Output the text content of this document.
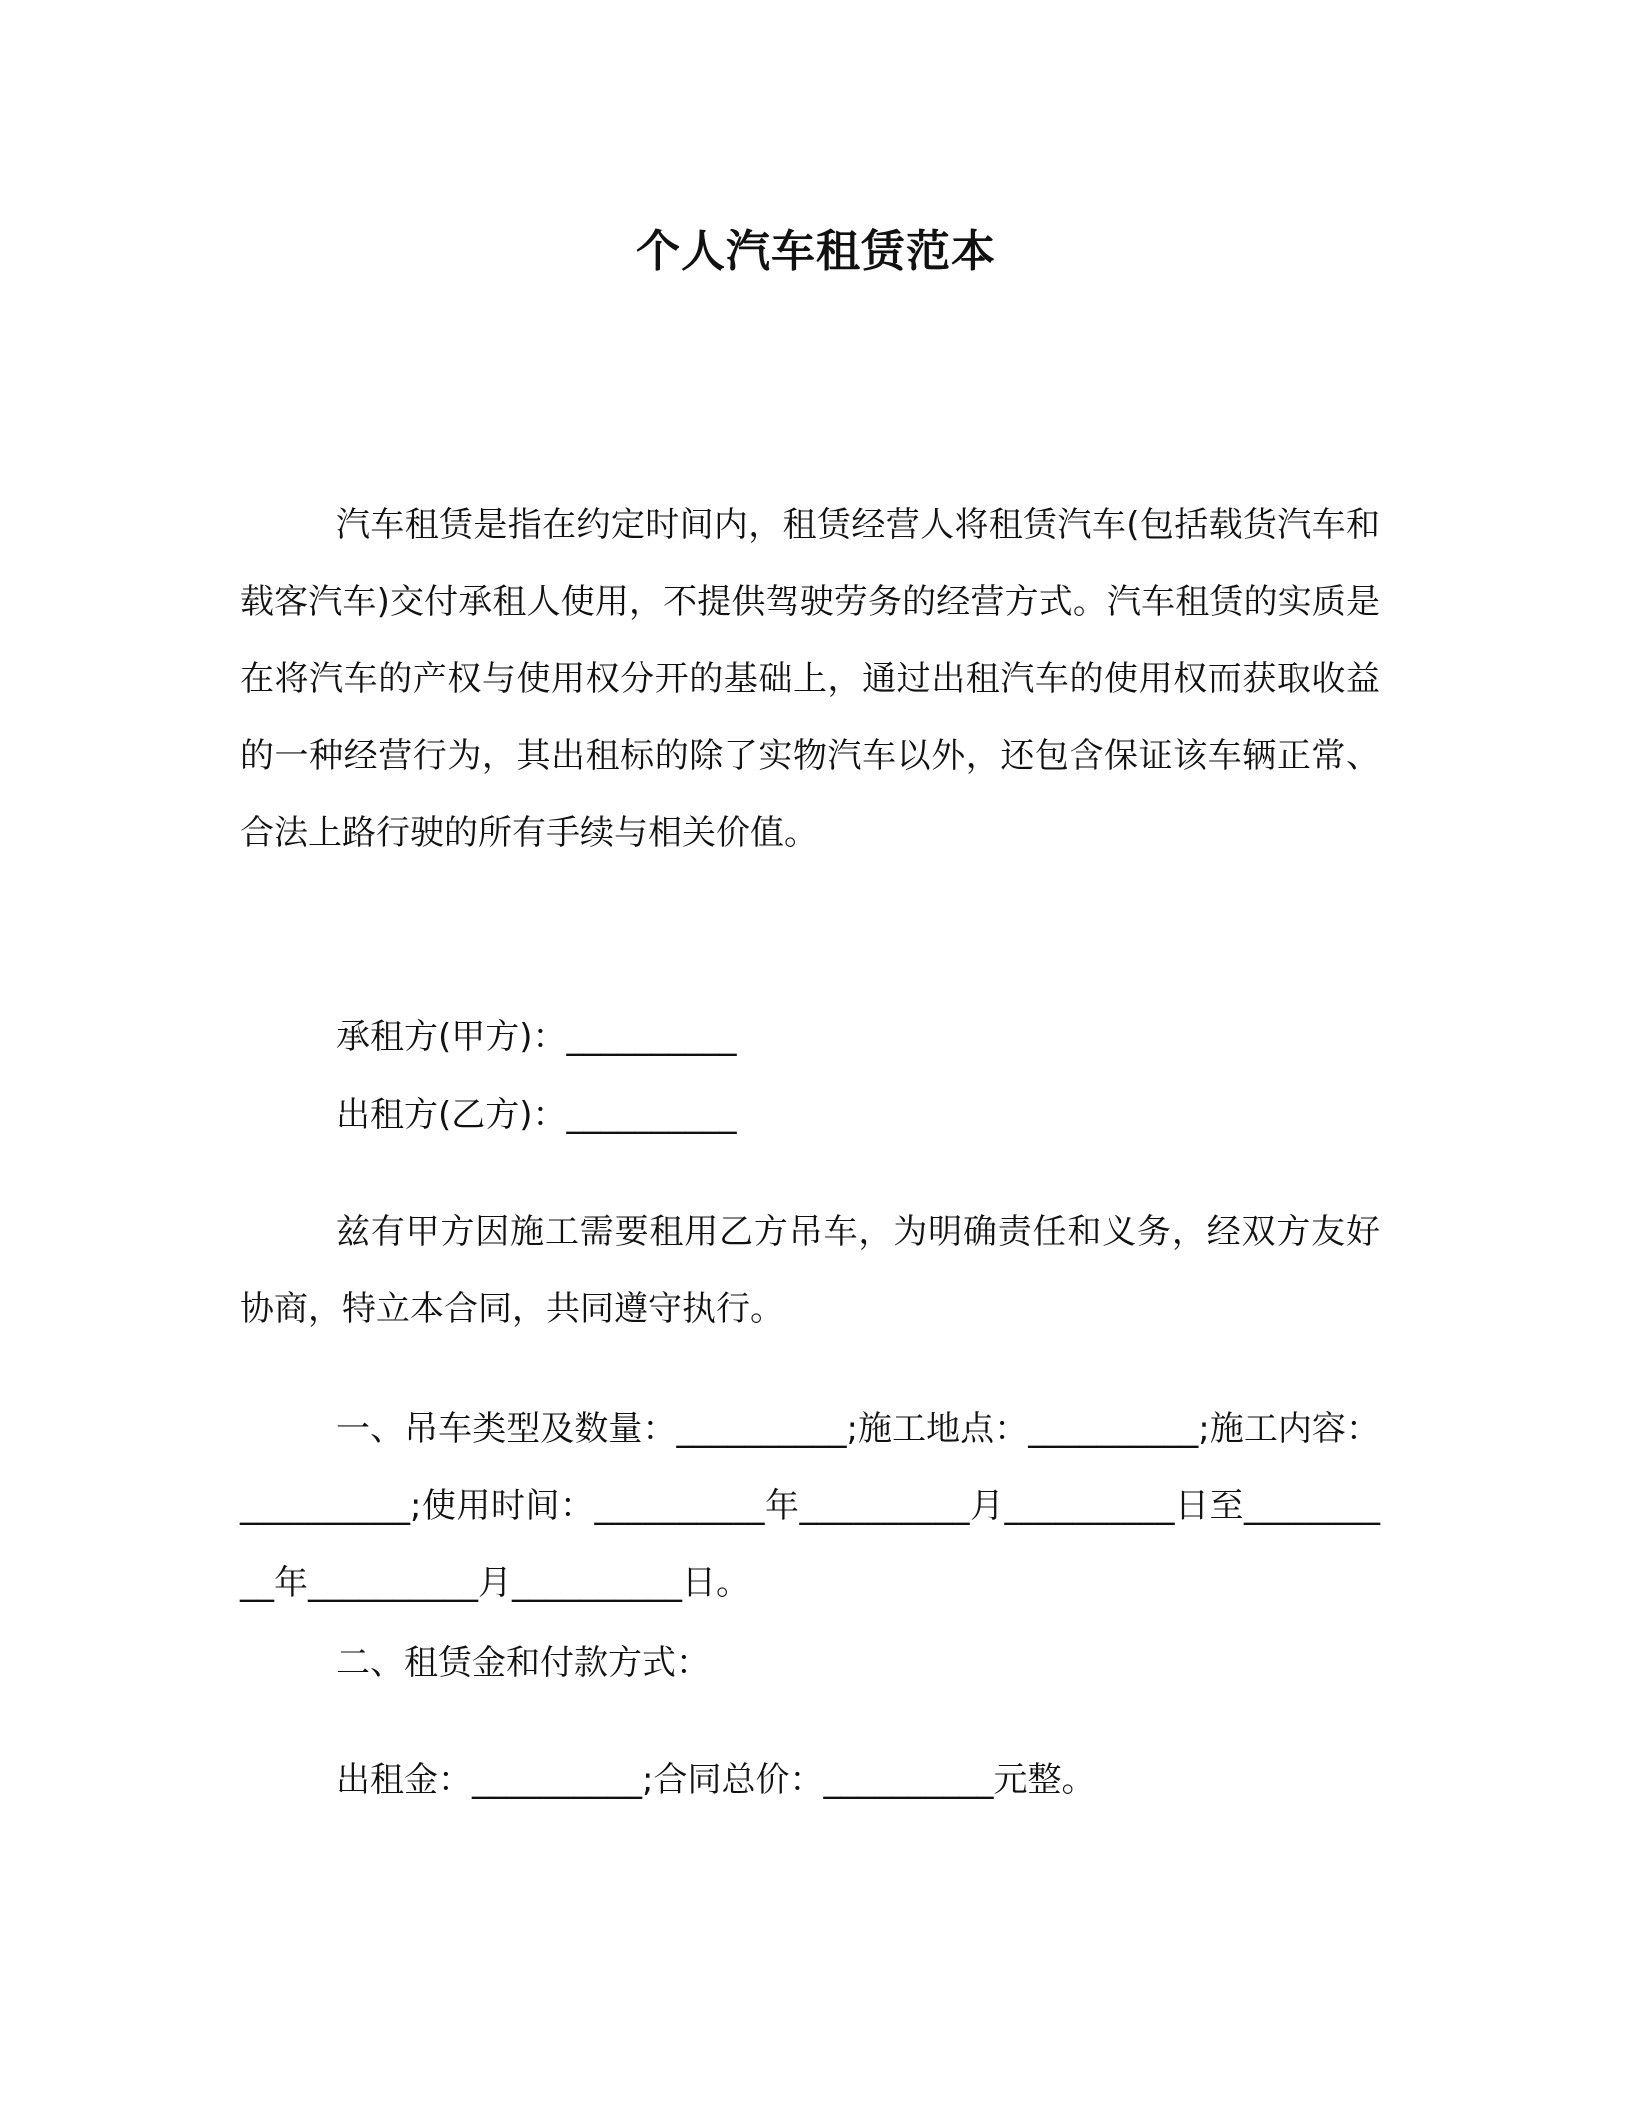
个人汽车租赁范本
汽车租赁是指在约定时间内，租赁经营人将租赁汽车(包括载货汽车和载客汽车)交付承租人使用，不提供驾驶劳务的经营方式。汽车租赁的实质是在将汽车的产权与使用权分开的基础上，通过出租汽车的使用权而获取收益的一种经营行为，其出租标的除了实物汽车以外，还包含保证该车辆正常、合法上路行驶的所有手续与相关价值。
承租方(甲方)：__________
出租方(乙方)：__________
兹有甲方因施工需要租用乙方吊车，为明确责任和义务，经双方友好协商，特立本合同，共同遵守执行。
一、吊车类型及数量：__________;施工地点：__________;施工内容：__________;使用时间：__________年__________月__________日至__________年__________月__________日。
二、租赁金和付款方式：
出租金：__________;合同总价：__________元整。
